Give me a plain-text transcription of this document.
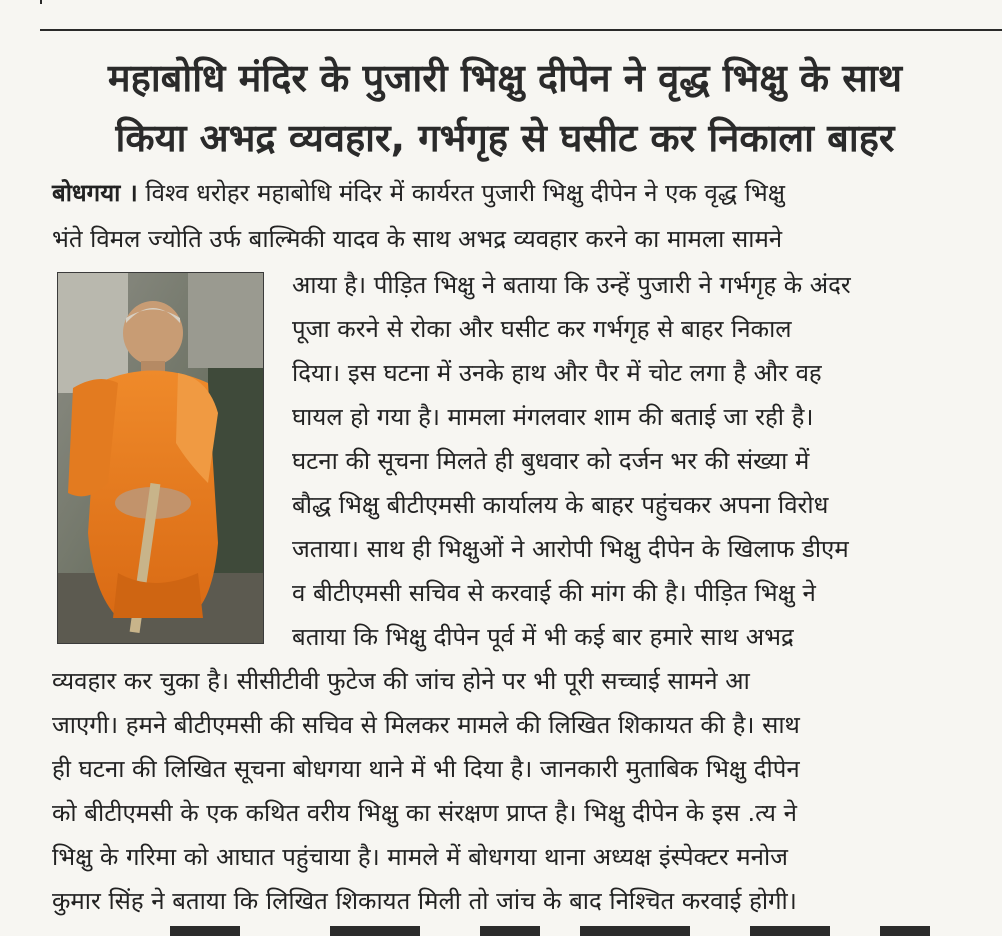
महाबोधि मंदिर के पुजारी भिक्षु दीपेन ने वृद्ध भिक्षु के साथ
किया अभद्र व्यवहार, गर्भगृह से घसीट कर निकाला बाहर

बोधगया । विश्व धरोहर महाबोधि मंदिर में कार्यरत पुजारी भिक्षु दीपेन ने एक वृद्ध भिक्षु

भंते विमल ज्योति उर्फ बाल्मिकी यादव के साथ अभद्र व्यवहार करने का मामला सामने

आया है। पीड़ित भिक्षु ने बताया कि उन्हें पुजारी ने गर्भगृह के अंदर

पूजा करने से रोका और घसीट कर गर्भगृह से बाहर निकाल

दिया। इस घटना में उनके हाथ और पैर में चोट लगा है और वह

घायल हो गया है। मामला मंगलवार शाम की बताई जा रही है।

घटना की सूचना मिलते ही बुधवार को दर्जन भर की संख्या में

बौद्ध भिक्षु बीटीएमसी कार्यालय के बाहर पहुंचकर अपना विरोध

जताया। साथ ही भिक्षुओं ने आरोपी भिक्षु दीपेन के खिलाफ डीएम

व बीटीएमसी सचिव से करवाई की मांग की है। पीड़ित भिक्षु ने

बताया कि भिक्षु दीपेन पूर्व में भी कई बार हमारे साथ अभद्र

व्यवहार कर चुका है। सीसीटीवी फुटेज की जांच होने पर भी पूरी सच्चाई सामने आ

जाएगी। हमने बीटीएमसी की सचिव से मिलकर मामले की लिखित शिकायत की है। साथ

ही घटना की लिखित सूचना बोधगया थाने में भी दिया है। जानकारी मुताबिक भिक्षु दीपेन

को बीटीएमसी के एक कथित वरीय भिक्षु का संरक्षण प्राप्त है। भिक्षु दीपेन के इस .त्य ने

भिक्षु के गरिमा को आघात पहुंचाया है। मामले में बोधगया थाना अध्यक्ष इंस्पेक्टर मनोज

कुमार सिंह ने बताया कि लिखित शिकायत मिली तो जांच के बाद निश्चित करवाई होगी।
